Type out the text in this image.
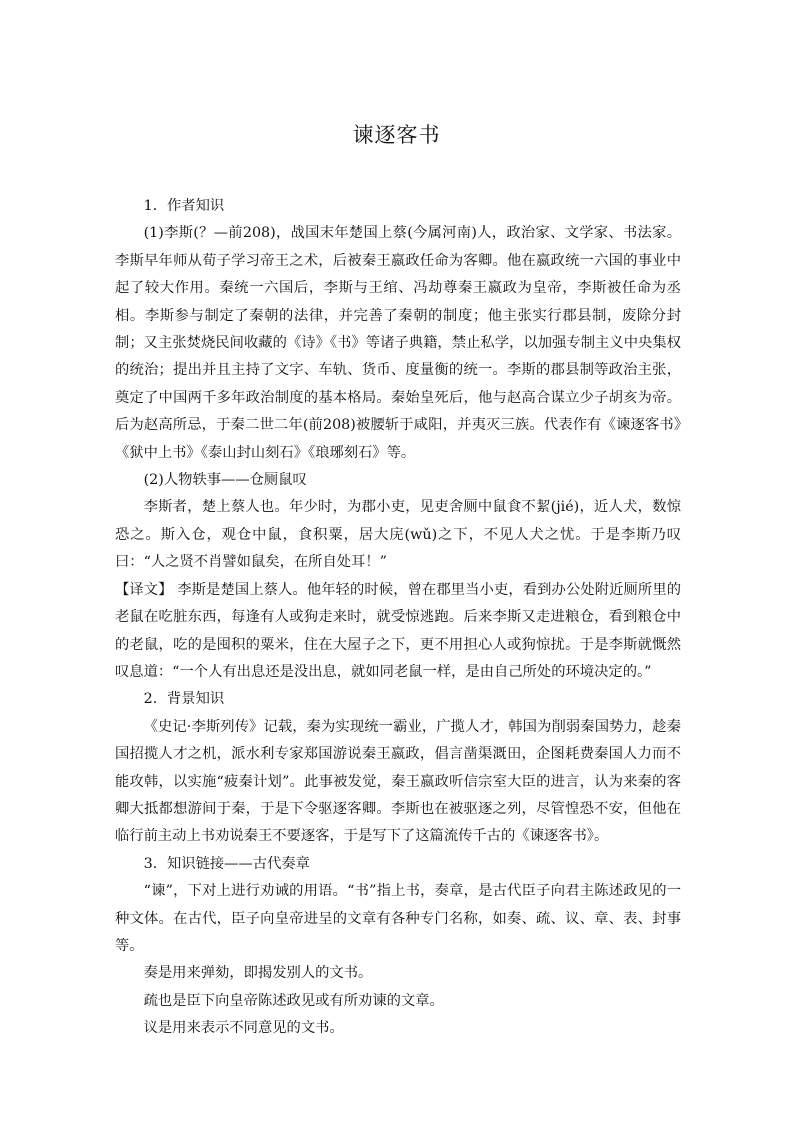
谏逐客书

1．作者知识

(1)李斯(？—前208)，战国末年楚国上蔡(今属河南)人，政治家、文学家、书法家。李斯早年师从荀子学习帝王之术，后被秦王嬴政任命为客卿。他在嬴政统一六国的事业中起了较大作用。秦统一六国后，李斯与王绾、冯劫尊秦王嬴政为皇帝，李斯被任命为丞相。李斯参与制定了秦朝的法律，并完善了秦朝的制度；他主张实行郡县制，废除分封制；又主张焚烧民间收藏的《诗》《书》等诸子典籍，禁止私学，以加强专制主义中央集权的统治；提出并且主持了文字、车轨、货币、度量衡的统一。李斯的郡县制等政治主张，奠定了中国两千多年政治制度的基本格局。秦始皇死后，他与赵高合谋立少子胡亥为帝。后为赵高所忌，于秦二世二年(前208)被腰斩于咸阳，并夷灭三族。代表作有《谏逐客书》《狱中上书》《泰山封山刻石》《琅琊刻石》等。

(2)人物轶事——仓厕鼠叹

李斯者，楚上蔡人也。年少时，为郡小吏，见吏舍厕中鼠食不絜(jié)，近人犬，数惊恐之。斯入仓，观仓中鼠，食积粟，居大庑(wǔ)之下，不见人犬之忧。于是李斯乃叹曰：“人之贤不肖譬如鼠矣，在所自处耳！”

【译文】 李斯是楚国上蔡人。他年轻的时候，曾在郡里当小吏，看到办公处附近厕所里的老鼠在吃脏东西，每逢有人或狗走来时，就受惊逃跑。后来李斯又走进粮仓，看到粮仓中的老鼠，吃的是囤积的粟米，住在大屋子之下，更不用担心人或狗惊扰。于是李斯就慨然叹息道：“一个人有出息还是没出息，就如同老鼠一样，是由自己所处的环境决定的。”

2．背景知识

《史记·李斯列传》记载，秦为实现统一霸业，广揽人才，韩国为削弱秦国势力，趁秦国招揽人才之机，派水利专家郑国游说秦王嬴政，倡言凿渠溉田，企图耗费秦国人力而不能攻韩，以实施“疲秦计划”。此事被发觉，秦王嬴政听信宗室大臣的进言，认为来秦的客卿大抵都想游间于秦，于是下令驱逐客卿。李斯也在被驱逐之列，尽管惶恐不安，但他在临行前主动上书劝说秦王不要逐客，于是写下了这篇流传千古的《谏逐客书》。

3．知识链接——古代奏章

“谏”，下对上进行劝诫的用语。“书”指上书，奏章，是古代臣子向君主陈述政见的一种文体。在古代，臣子向皇帝进呈的文章有各种专门名称，如奏、疏、议、章、表、封事等。

奏是用来弹劾，即揭发别人的文书。

疏也是臣下向皇帝陈述政见或有所劝谏的文章。

议是用来表示不同意见的文书。
